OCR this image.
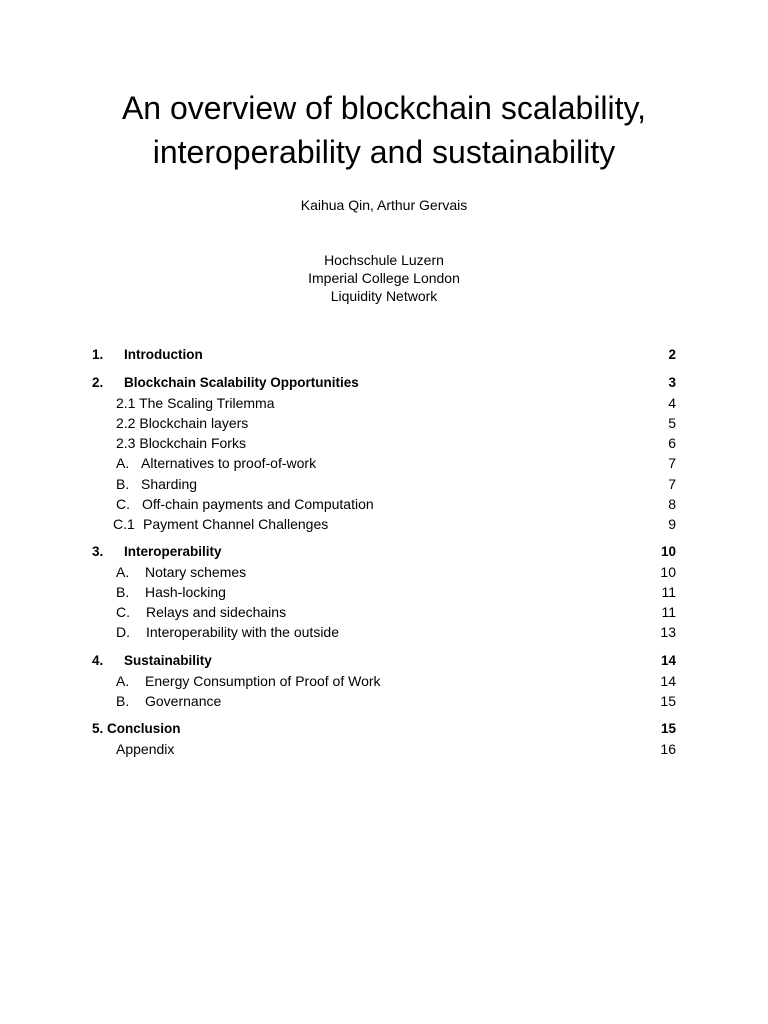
An overview of blockchain scalability,
interoperability and sustainability
Kaihua Qin, Arthur Gervais
Hochschule Luzern
Imperial College London
Liquidity Network
1. Introduction	2
2. Blockchain Scalability Opportunities	3
2.1 The Scaling Trilemma	4
2.2 Blockchain layers	5
2.3 Blockchain Forks	6
A. Alternatives to proof-of-work	7
B. Sharding	7
C. Off-chain payments and Computation	8
C.1 Payment Channel Challenges	9
3. Interoperability	10
A. Notary schemes	10
B. Hash-locking	11
C. Relays and sidechains	11
D. Interoperability with the outside	13
4. Sustainability	14
A. Energy Consumption of Proof of Work	14
B. Governance	15
5. Conclusion	15
Appendix	16
